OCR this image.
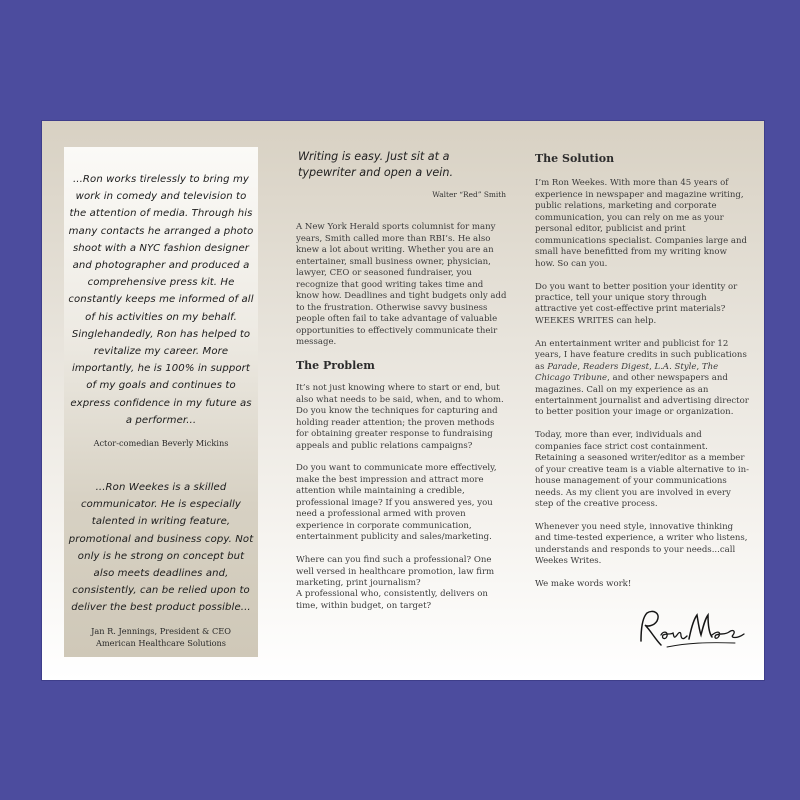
...Ron works tirelessly to bring my work in comedy and television to the attention of media. Through his many contacts he arranged a photo shoot with a NYC fashion designer and photographer and produced a comprehensive press kit. He constantly keeps me informed of all of his activities on my behalf. Singlehandedly, Ron has helped to revitalize my career. More importantly, he is 100% in support of my goals and continues to express confidence in my future as a performer...
Actor-comedian Beverly Mickins
...Ron Weekes is a skilled communicator. He is especially talented in writing feature, promotional and business copy. Not only is he strong on concept but also meets deadlines and, consistently, can be relied upon to deliver the best product possible...
Jan R. Jennings, President & CEO
American Healthcare Solutions
Writing is easy. Just sit at a typewriter and open a vein.
Walter “Red” Smith

A New York Herald sports columnist for many years, Smith called more than RBI’s. He also knew a lot about writing. Whether you are an entertainer, small business owner, physician, lawyer, CEO or seasoned fundraiser, you recognize that good writing takes time and know how. Deadlines and tight budgets only add to the frustration. Otherwise savvy business people often fail to take advantage of valuable opportunities to effectively communicate their message.

The Problem

It’s not just knowing where to start or end, but also what needs to be said, when, and to whom. Do you know the techniques for capturing and holding reader attention; the proven methods for obtaining greater response to fundraising appeals and public relations campaigns?

Do you want to communicate more effectively, make the best impression and attract more attention while maintaining a credible, professional image? If you answered yes, you need a professional armed with proven experience in corporate communication, entertainment publicity and sales/marketing.

Where can you find such a professional? One well versed in healthcare promotion, law firm marketing, print journalism?
A professional who, consistently, delivers on time, within budget, on target?

The Solution

I’m Ron Weekes. With more than 45 years of experience in newspaper and magazine writing, public relations, marketing and corporate communication, you can rely on me as your personal editor, publicist and print communications specialist. Companies large and small have benefitted from my writing know how. So can you.

Do you want to better position your identity or practice, tell your unique story through attractive yet cost-effective print materials? WEEKES WRITES can help.

An entertainment writer and publicist for 12 years, I have feature credits in such publications as Parade, Readers Digest, L.A. Style, The Chicago Tribune, and other newspapers and magazines. Call on my experience as an entertainment journalist and advertising director to better position your image or organization.

Today, more than ever, individuals and companies face strict cost containment. Retaining a seasoned writer/editor as a member of your creative team is a viable alternative to in-house management of your communications needs. As my client you are involved in every step of the creative process.

Whenever you need style, innovative thinking and time-tested experience, a writer who listens, understands and responds to your needs...call Weekes Writes.

We make words work!
